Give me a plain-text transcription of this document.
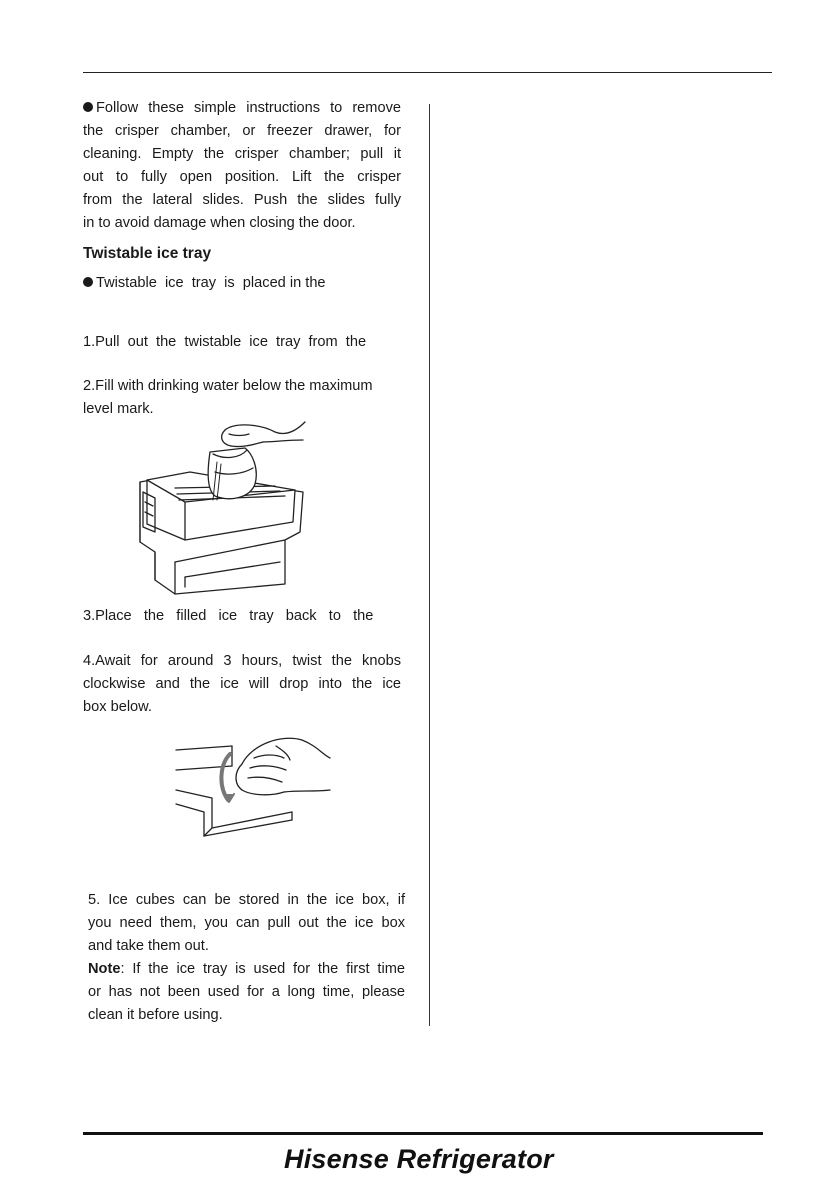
Follow these simple instructions to remove
the crisper chamber, or freezer drawer, for
cleaning. Empty the crisper chamber; pull it
out to fully open position. Lift the crisper
from the lateral slides. Push the slides fully
in to avoid damage when closing the door.
Twistable ice tray
Twistable  ice  tray  is  placed in the
1.Pull  out  the  twistable  ice  tray  from  the
2.Fill with drinking water below the maximum
level mark.
3.Place   the   filled   ice   tray   back   to   the
4.Await for around 3 hours, twist the knobs
clockwise and the ice will drop into the ice
box below.
5. Ice cubes can be stored in the ice box, if
you need them, you can pull out the ice box
and take them out.
Note: If the ice tray is used for the first time
or has not been used for a long time, please
clean it before using.
Hisense Refrigerator
